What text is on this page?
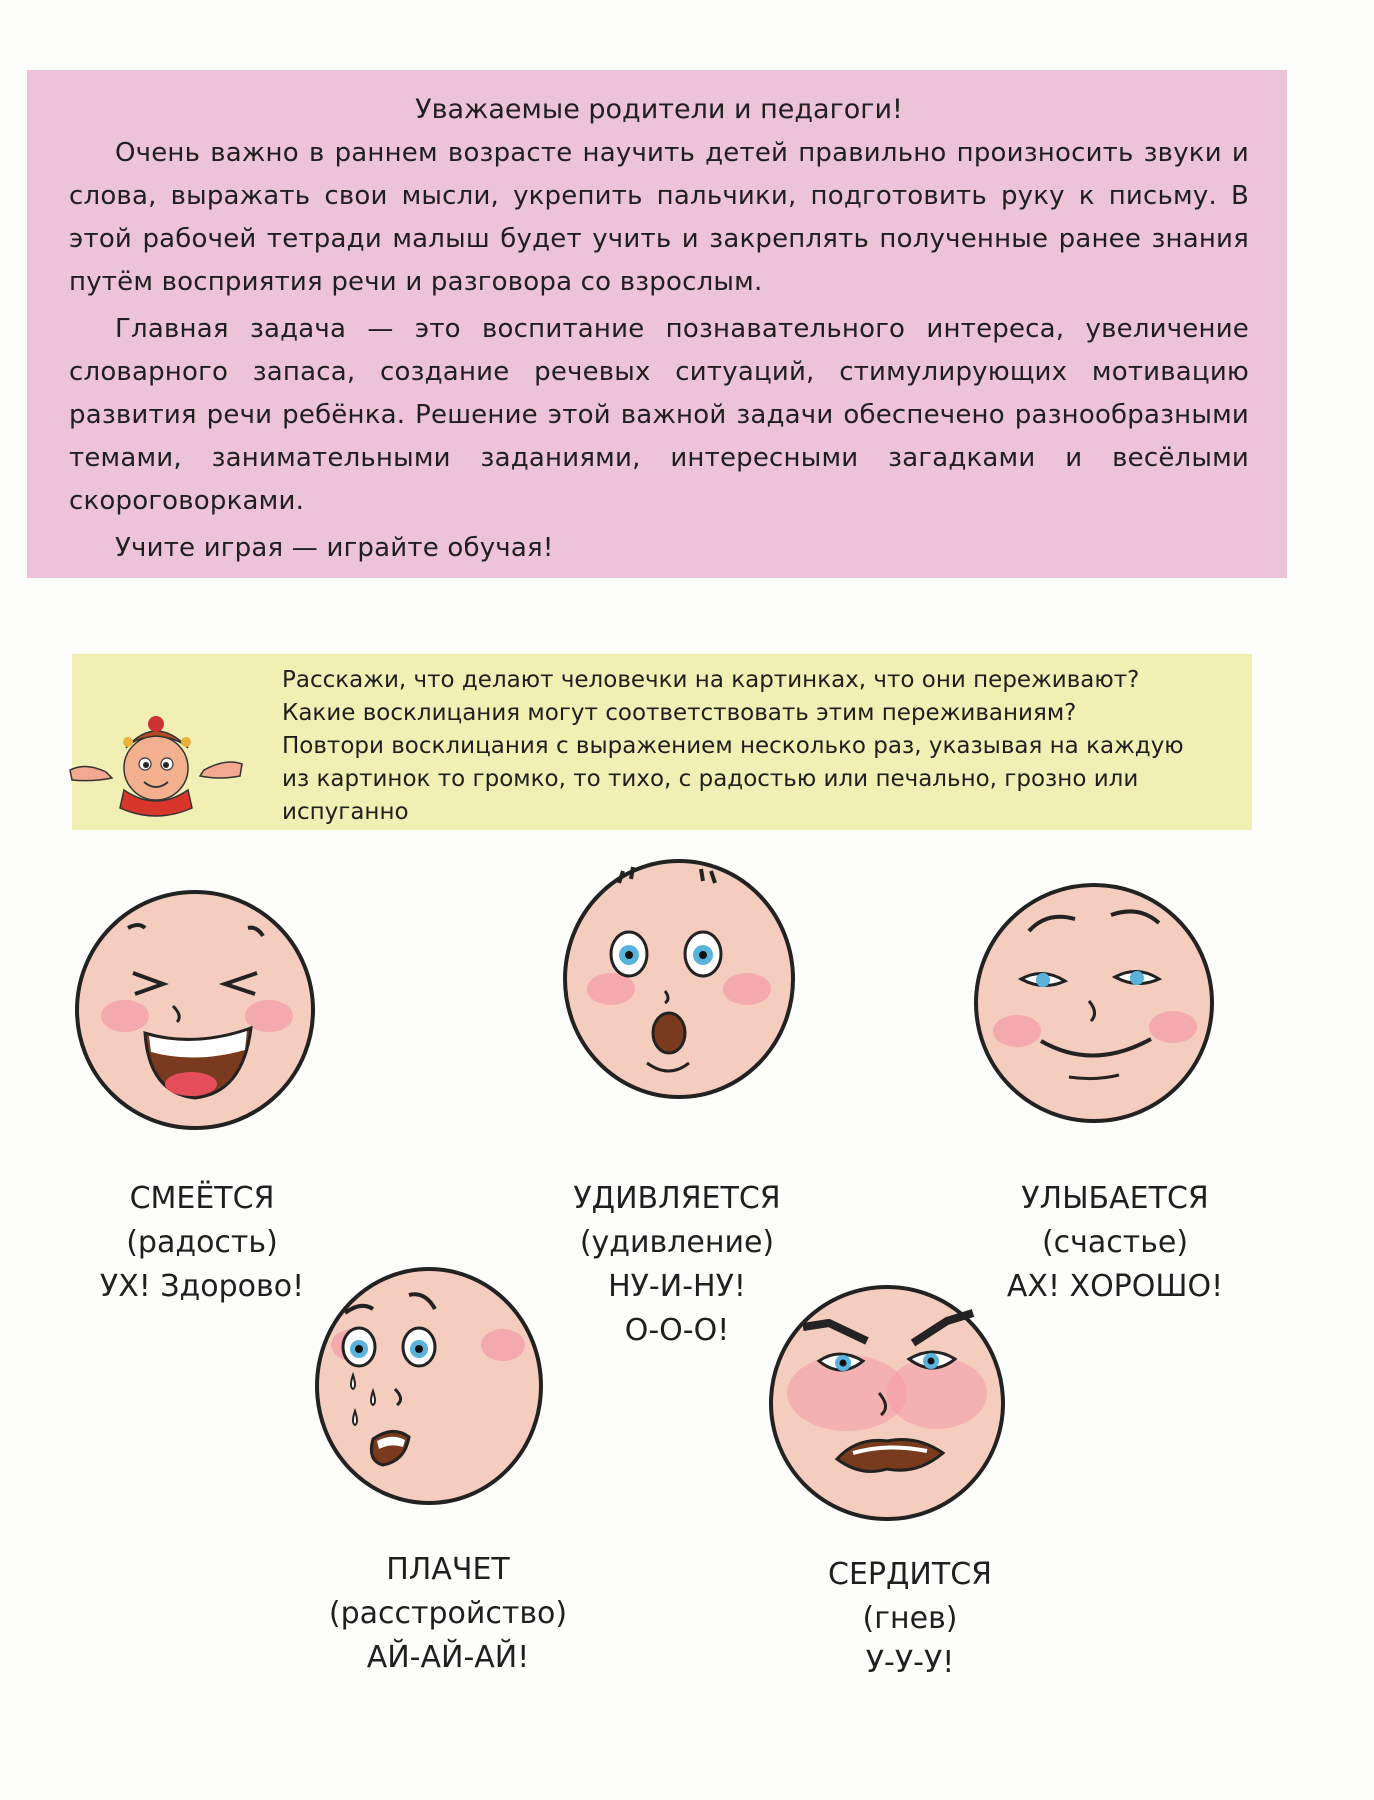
Уважаемые родители и педагоги!

Очень важно в раннем возрасте научить детей правильно произносить звуки и слова, выражать свои мысли, укрепить пальчики, подготовить руку к письму. В этой рабочей тетради малыш будет учить и закреплять полученные ранее знания путём восприятия речи и разговора со взрослым.

Главная задача — это воспитание познавательного интереса, увеличение словарного запаса, создание речевых ситуаций, стимулирующих мотивацию развития речи ребёнка. Решение этой важной задачи обеспечено разнообразными темами, занимательными заданиями, интересными загадками и весёлыми скороговорками.

Учите играя — играйте обучая!

Расскажи, что делают человечки на картинках, что они переживают?

Какие восклицания могут соответствовать этим переживаниям?

Повтори восклицания с выражением несколько раз, указывая на каждую

из картинок то громко, то тихо, с радостью или печально, грозно или

испуганно

СМЕЁТСЯ
(радость)
УХ! Здорово!
УДИВЛЯЕТСЯ
(удивление)
НУ-И-НУ!
О-О-О!
УЛЫБАЕТСЯ
(счастье)
АХ! ХОРОШО!
ПЛАЧЕТ
(расстройство)
АЙ-АЙ-АЙ!
СЕРДИТСЯ
(гнев)
У-У-У!
